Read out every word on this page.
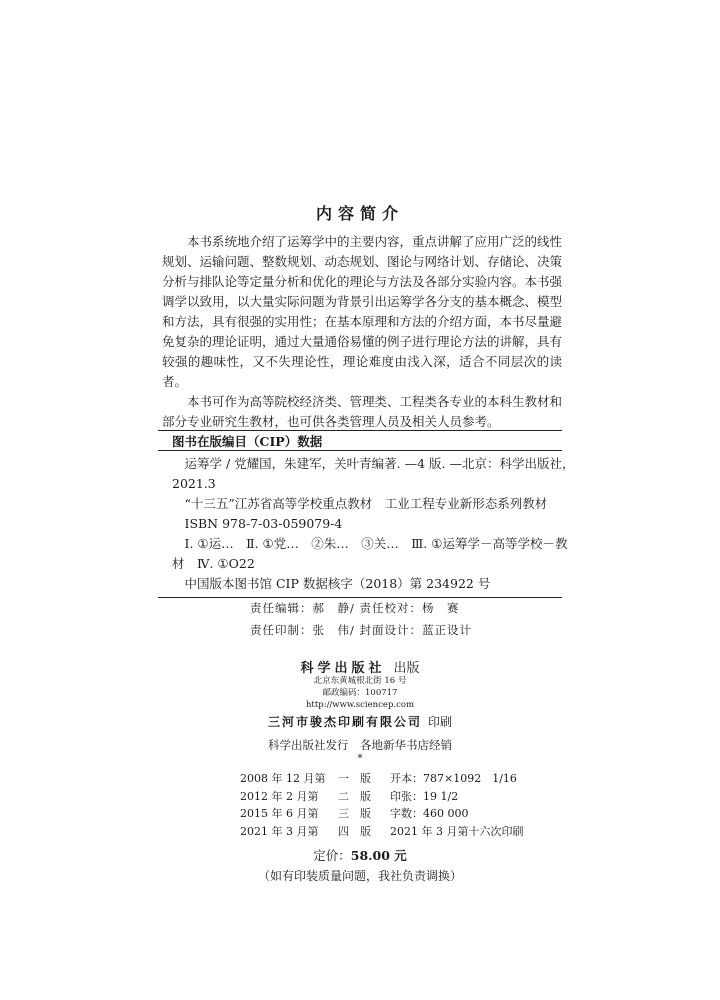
内容简介

本书系统地介绍了运筹学中的主要内容，重点讲解了应用广泛的线性规划、运输问题、整数规划、动态规划、图论与网络计划、存储论、决策分析与排队论等定量分析和优化的理论与方法及各部分实验内容。本书强调学以致用，以大量实际问题为背景引出运筹学各分支的基本概念、模型和方法，具有很强的实用性；在基本原理和方法的介绍方面，本书尽量避免复杂的理论证明，通过大量通俗易懂的例子进行理论方法的讲解，具有较强的趣味性，又不失理论性，理论难度由浅入深，适合不同层次的读者。

本书可作为高等院校经济类、管理类、工程类各专业的本科生教材和部分专业研究生教材，也可供各类管理人员及相关人员参考。

图书在版编目（CIP）数据
运筹学 / 党耀国，朱建军，关叶青编著. —4 版. —北京：科学出版社，
2021.3
“十三五”江苏省高等学校重点教材　工业工程专业新形态系列教材
ISBN 978-7-03-059079-4
Ⅰ. ①运…　Ⅱ. ①党…　②朱…　③关…　Ⅲ. ①运筹学－高等学校－教
材　Ⅳ. ①O22
中国版本图书馆 CIP 数据核字（2018）第 234922 号
责任编辑：郝　静/ 责任校对：杨　赛
责任印制：张　伟/ 封面设计：蓝正设计
科学出版社 出版
北京东黄城根北街 16 号
邮政编码：100717
http://www.sciencep.com
三河市骏杰印刷有限公司 印刷
科学出版社发行　各地新华书店经销
*
2008 年 12 月第 一　版 开本：787×1092　1/16
2012 年 2 月第 二　版 印张：19 1/2
2015 年 6 月第 三　版 字数：460 000
2021 年 3 月第 四　版 2021 年 3 月第十六次印刷
定价：58.00 元
（如有印装质量问题，我社负责调换）
